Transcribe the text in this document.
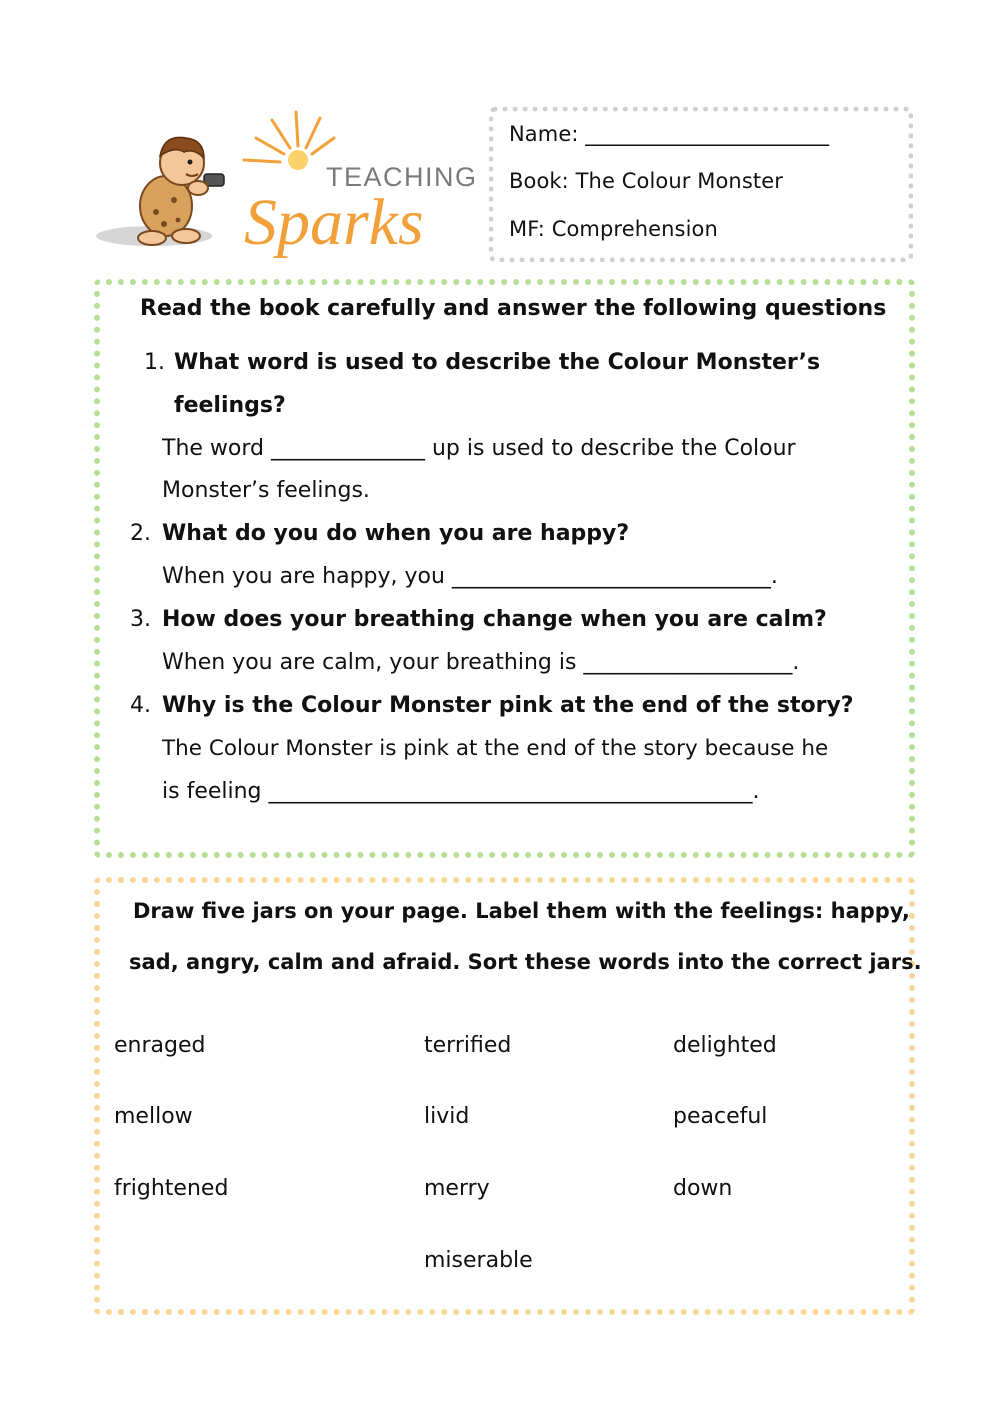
TEACHING
Sparks
Name: _______________________
Book: The Colour Monster
MF: Comprehension
Read the book carefully and answer the following questions
1. What word is used to describe the Colour Monster’s
feelings?
The word ______________ up is used to describe the Colour
Monster’s feelings.
2. What do you do when you are happy?
When you are happy, you _____________________________.
3. How does your breathing change when you are calm?
When you are calm, your breathing is ___________________.
4. Why is the Colour Monster pink at the end of the story?
The Colour Monster is pink at the end of the story because he
is feeling ____________________________________________.
Draw five jars on your page. Label them with the feelings: happy,
sad, angry, calm and afraid. Sort these words into the correct jars.
enraged
mellow
frightened
terrified
livid
merry
miserable
delighted
peaceful
down
